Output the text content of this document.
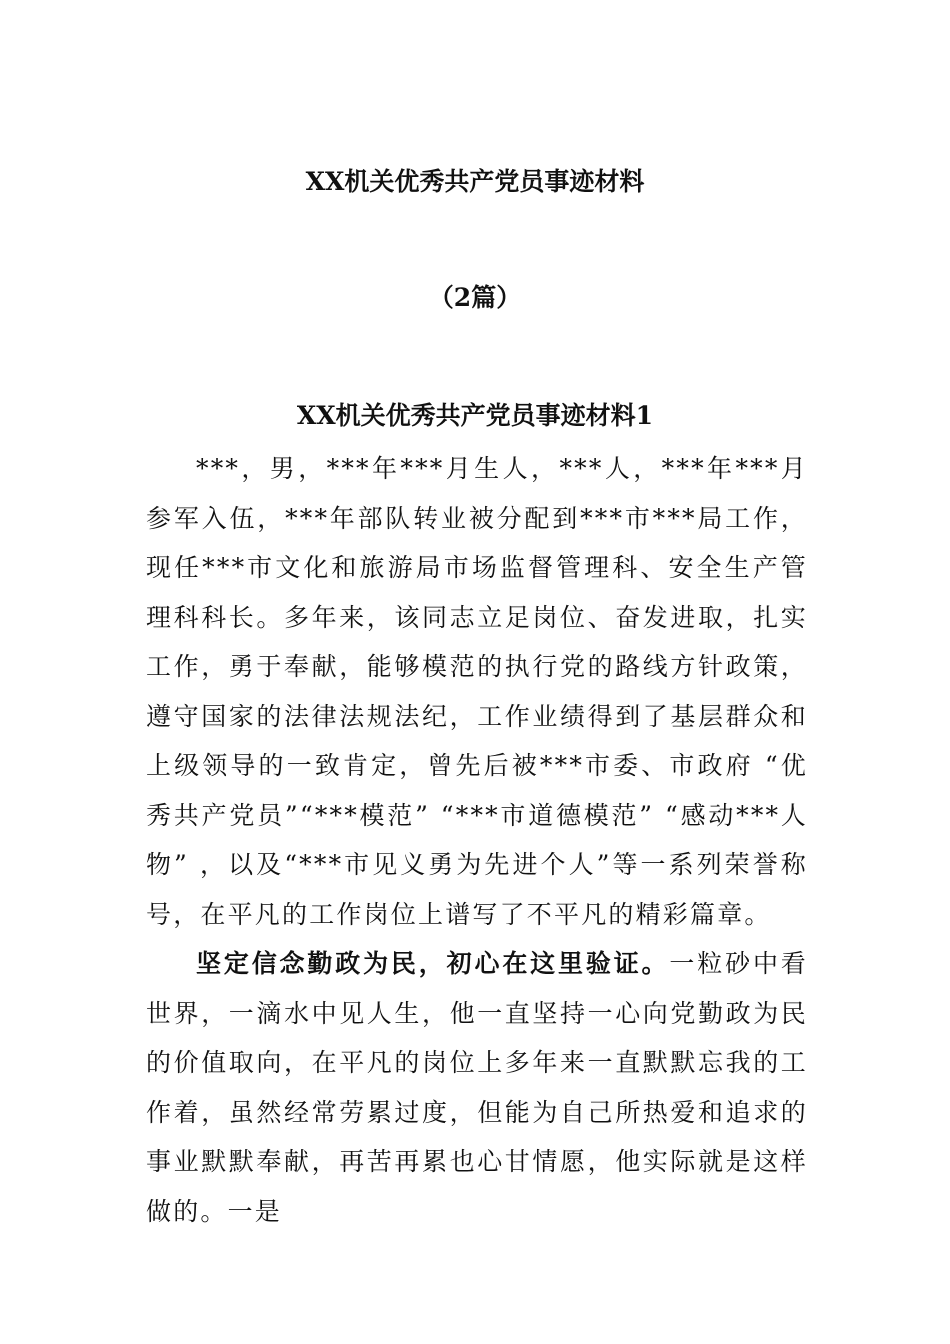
XX机关优秀共产党员事迹材料
（2篇）
XX机关优秀共产党员事迹材料1

***，男，***年***月生人，***人，***年***月参军入伍，***年部队转业被分配到***市***局工作，现任***市文化和旅游局市场监督管理科、安全生产管理科科长。多年来，该同志立足岗位、奋发进取，扎实工作，勇于奉献，能够模范的执行党的路线方针政策，遵守国家的法律法规法纪，工作业绩得到了基层群众和上级领导的一致肯定，曾先后被***市委、市政府 “优秀共产党员”“***模范” “***市道德模范” “感动***人物” ，以及“***市见义勇为先进个人”等一系列荣誉称号，在平凡的工作岗位上谱写了不平凡的精彩篇章。

坚定信念勤政为民，初心在这里验证。一粒砂中看世界，一滴水中见人生，他一直坚持一心向党勤政为民的价值取向，在平凡的岗位上多年来一直默默忘我的工作着，虽然经常劳累过度，但能为自己所热爱和追求的事业默默奉献，再苦再累也心甘情愿，他实际就是这样做的。一是
